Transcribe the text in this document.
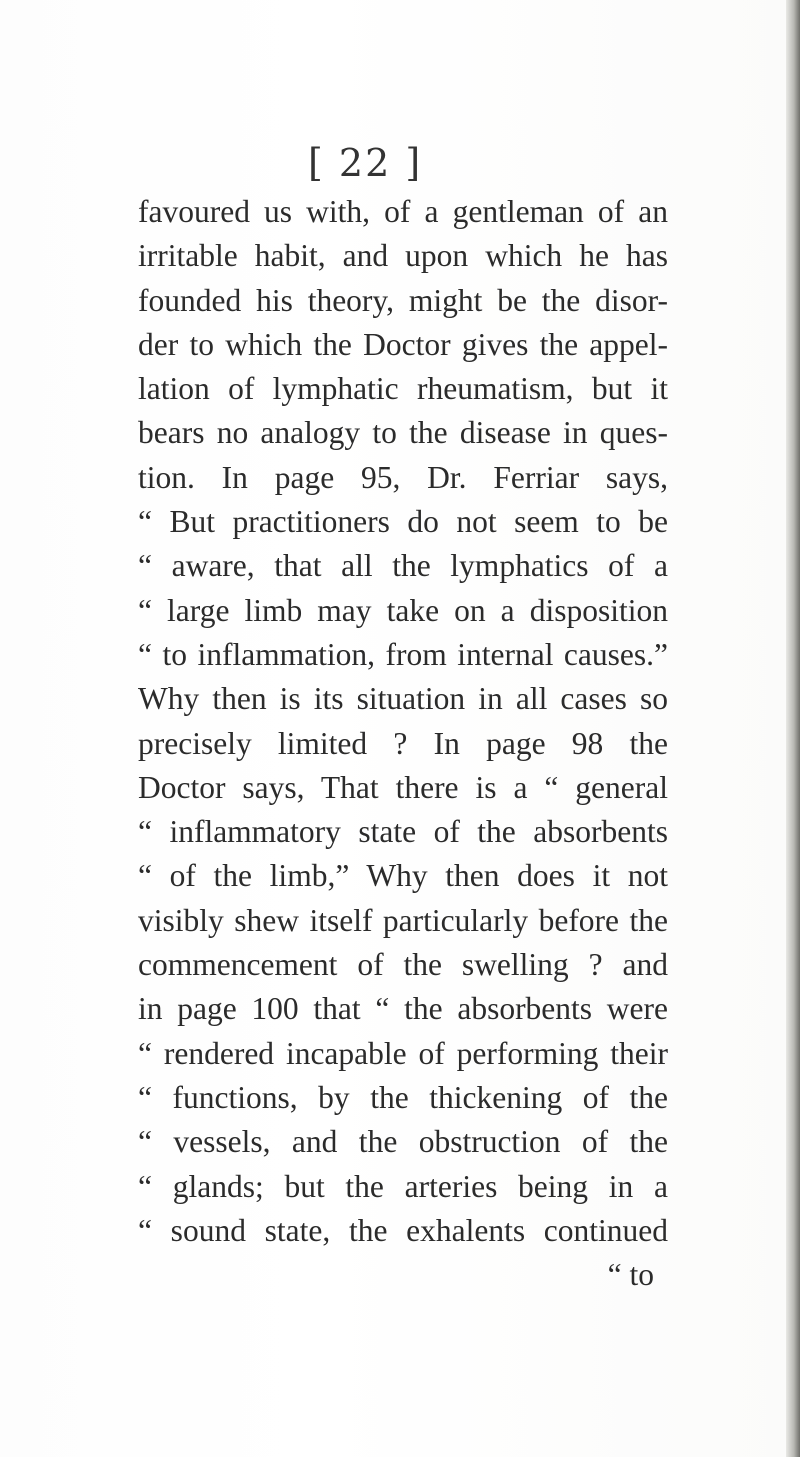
[ 22 ]
favoured us with, of a gentleman of an
irritable habit, and upon which he has
founded his theory, might be the disor-
der to which the Doctor gives the appel-
lation of lymphatic rheumatism, but it
bears no analogy to the disease in ques-
tion. In page 95, Dr. Ferriar says,
“ But practitioners do not seem to be
“ aware, that all the lymphatics of a
“ large limb may take on a disposition
“ to inflammation, from internal causes.”
Why then is its situation in all cases so
precisely limited ? In page 98 the
Doctor says, That there is a “ general
“ inflammatory state of the absorbents
“ of the limb,” Why then does it not
visibly shew itself particularly before the
commencement of the swelling ? and
in page 100 that “ the absorbents were
“ rendered incapable of performing their
“ functions, by the thickening of the
“ vessels, and the obstruction of the
“ glands; but the arteries being in a
“ sound state, the exhalents continued
“ to
